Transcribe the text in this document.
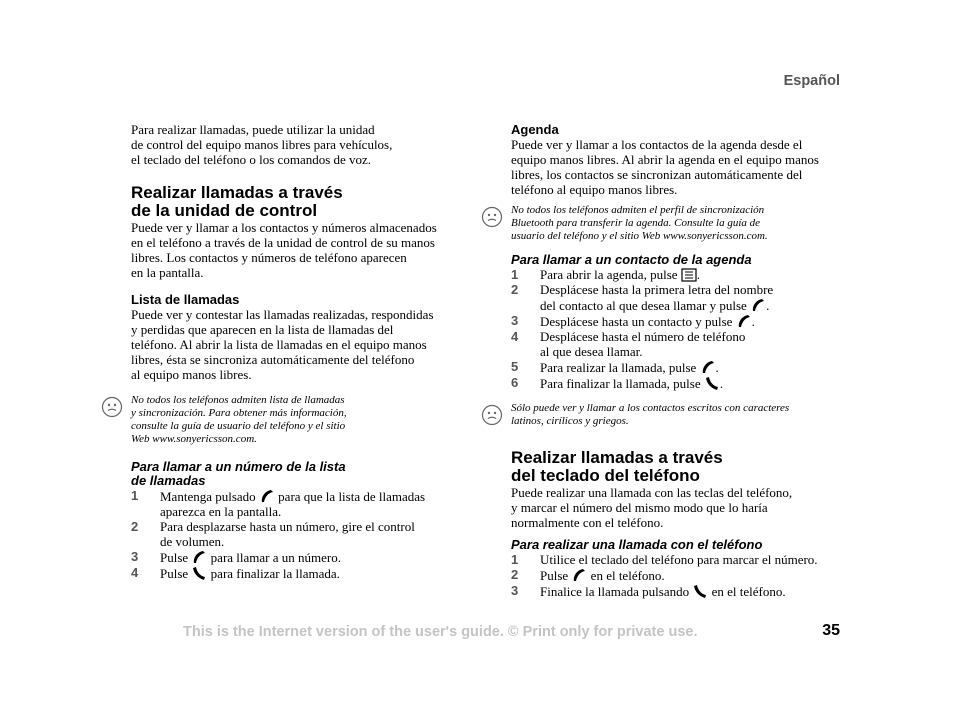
Español

Para realizar llamadas, puede utilizar la unidad
de control del equipo manos libres para vehículos,
el teclado del teléfono o los comandos de voz.

Realizar llamadas a través
de la unidad de control

Puede ver y llamar a los contactos y números almacenados
en el teléfono a través de la unidad de control de su manos
libres. Los contactos y números de teléfono aparecen
en la pantalla.

Lista de llamadas

Puede ver y contestar las llamadas realizadas, respondidas
y perdidas que aparecen en la lista de llamadas del
teléfono. Al abrir la lista de llamadas en el equipo manos
libres, ésta se sincroniza automáticamente del teléfono
al equipo manos libres.

No todos los teléfonos admiten lista de llamadas
y sincronización. Para obtener más información,
consulte la guía de usuario del teléfono y el sitio
Web www.sonyericsson.com.
Para llamar a un número de la lista
de llamadas
1 Mantenga pulsado para que la lista de llamadas
aparezca en la pantalla.
2 Para desplazarse hasta un número, gire el control
de volumen.
3 Pulse para llamar a un número.
4 Pulse para finalizar la llamada.
Agenda

Puede ver y llamar a los contactos de la agenda desde el
equipo manos libres. Al abrir la agenda en el equipo manos
libres, los contactos se sincronizan automáticamente del
teléfono al equipo manos libres.

No todos los teléfonos admiten el perfil de sincronización
Bluetooth para transferir la agenda. Consulte la guía de
usuario del teléfono y el sitio Web www.sonyericsson.com.
Para llamar a un contacto de la agenda
1 Para abrir la agenda, pulse .
2 Desplácese hasta la primera letra del nombre
del contacto al que desea llamar y pulse .
3 Desplácese hasta un contacto y pulse .
4 Desplácese hasta el número de teléfono
al que desea llamar.
5 Para realizar la llamada, pulse .
6 Para finalizar la llamada, pulse .
Sólo puede ver y llamar a los contactos escritos con caracteres
latinos, cirílicos y griegos.
Realizar llamadas a través
del teclado del teléfono

Puede realizar una llamada con las teclas del teléfono,
y marcar el número del mismo modo que lo haría
normalmente con el teléfono.

Para realizar una llamada con el teléfono
1 Utilice el teclado del teléfono para marcar el número.
2 Pulse en el teléfono.
3 Finalice la llamada pulsando en el teléfono.
This is the Internet version of the user's guide. © Print only for private use.	35
